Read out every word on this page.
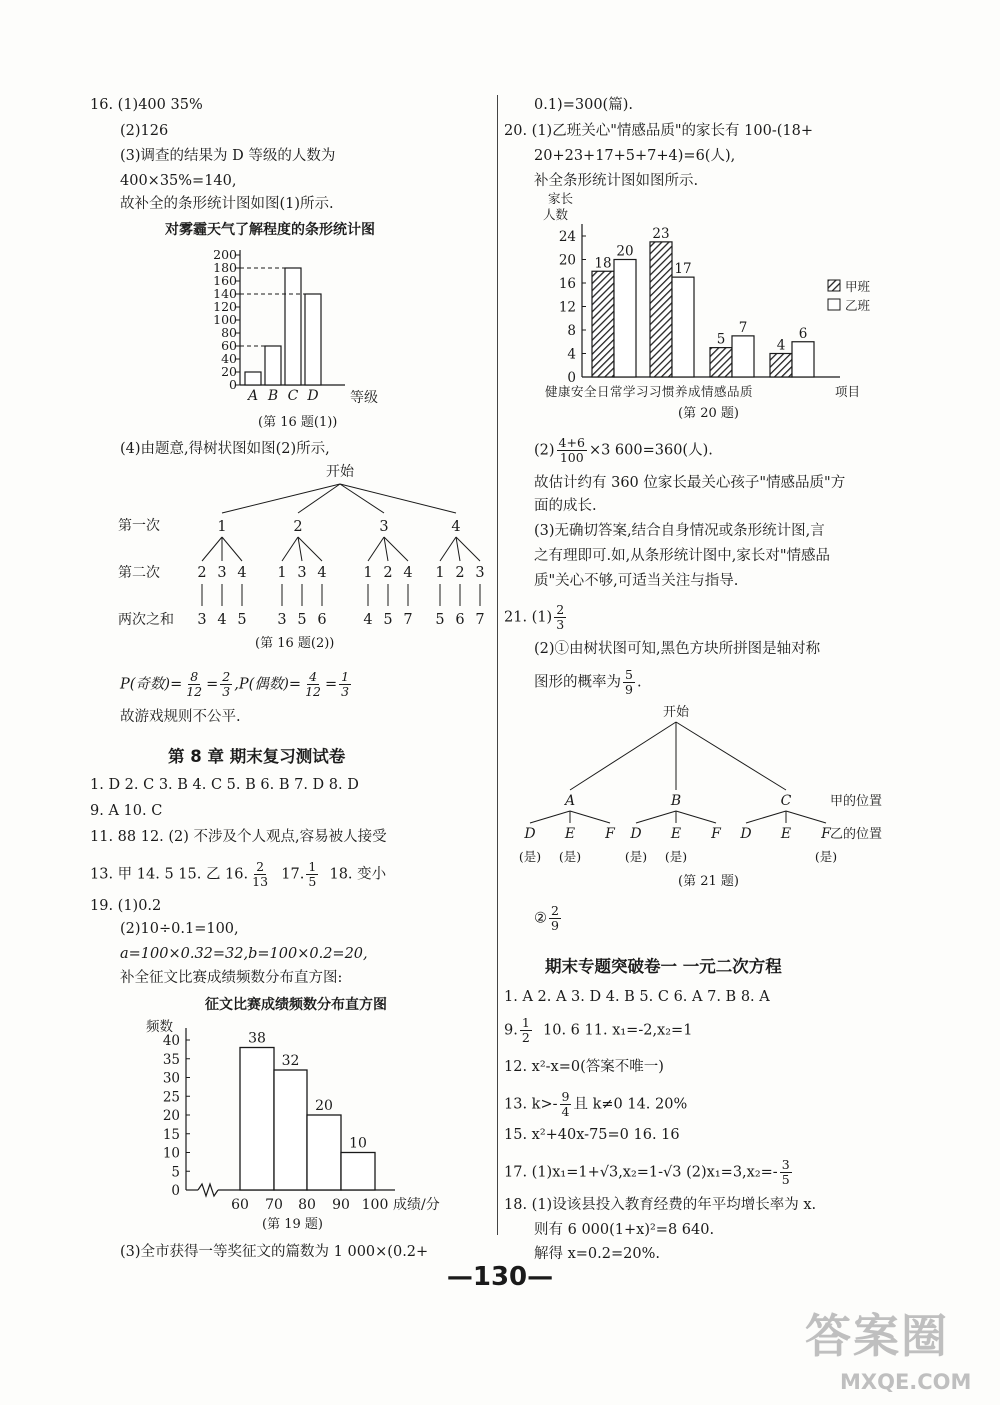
16. (1)400 35%
(2)126
(3)调查的结果为 D 等级的人数为
400×35%=140,
故补全的条形统计图如图(1)所示.
对雾霾天气了解程度的条形统计图
0
20
40
60
80
100
120
140
160
180
200
A B C D 等级
(第 16 题(1))
(4)由题意,得树状图如图(2)所示,
开始
第一次
第二次
两次之和
1
2
3
3
4
4
5
2
1
3
3
5
4
6
3
1
4
2
5
4
7
4
1
5
2
6
3
7
(第 16 题(2))
P(奇数)= $\frac{8}{12} = \frac{2}{3} ,P$(偶数)= $\frac{4}{12} = \frac{1}{3}$
故游戏规则不公平.
第 8 章 期末复习测试卷
1. D 2. C 3. B 4. C 5. B 6. B 7. D 8. D
9. A 10. C
11. 88 12. (2) 不涉及个人观点,容易被人接受
13. 甲 14. 5 15. 乙 16. $\frac{2}{13} 17$. $\frac{1}{5} 18$. 变小
19. (1)0.2
(2)10÷0.1=100,
a=100×0.32=32,b=100×0.2=20,
补全征文比赛成绩频数分布直方图:
征文比赛成绩频数分布直方图
0
5
10
15
20
25
30
35
40
频数
38
32
20
10
60 70 80 90 100 成绩/分
(第 19 题)
(3)全市获得一等奖征文的篇数为 1 000×(0.2+
0.1)=300(篇).
20. (1)乙班关心"情感品质"的家长有 100-(18+
20+23+17+5+7+4)=6(人),
补全条形统计图如图所示.
家长
人数
0
4
8
12
16
20
24
18
23
5	4
20
17
7	6
健康安全日常学习习惯养成情感品质	项目
甲班
乙班
(第 20 题)
$(2) \frac{4+6}{100} \times 3$ 600=360(人).
故估计约有 360 位家长最关心孩子"情感品质"方
面的成长.
(3)无确切答案,结合自身情况或条形统计图,言
之有理即可.如,从条形统计图中,家长对"情感品
质"关心不够,可适当关注与指导.
21. $(1) \frac{2}{3}$
(2)①由树状图可知,黑色方块所拼图是轴对称
图形的概率为 $\frac{5}{9}$ .
开始
甲的位置
乙的位置
A
D E F
B
D E F
C
D E F
(是) (是)	(是) (是)	(是)
(第 21 题)
② $\frac{2}{9}$
期末专题突破卷一 一元二次方程
1. A 2. A 3. D 4. B 5. C 6. A 7. B 8. A
9. $\frac{1}{2} 10$. 6 11. x₁=-2,x₂=1
12. x²-x=0(答案不唯一)
13. $k>- \frac{9}{4}$ 且 k≠0 14. 20%
15. x²+40x-75=0 16. 16
17. (1)x₁=1+√3,x₂=1-√3 $(2)x_1=3,x_2=- \frac{3}{5}$
18. (1)设该县投入教育经费的年平均增长率为 x.
则有 6 000(1+x)²=8 640.
解得 x=0.2=20%.
—130—
答案圈
MXQE.COM
